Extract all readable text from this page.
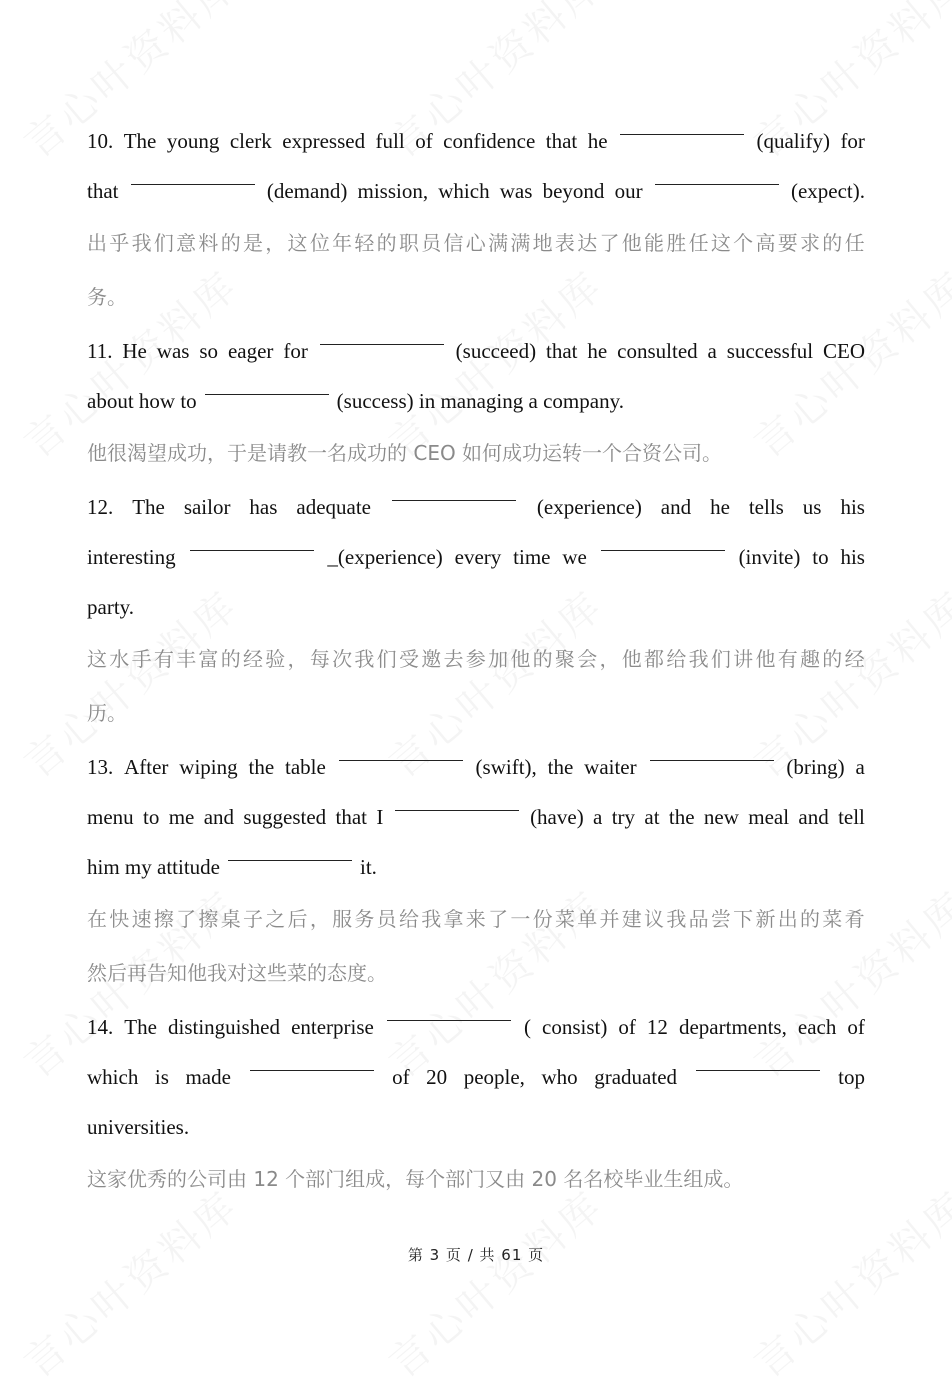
10. The young clerk expressed full of confidence that he	(qualify) for
that	(demand) mission, which was beyond our	(expect).
出 乎 我 们 意 料 的 是 ， 这 位 年 轻 的 职 员 信 心 满 满 地 表 达 了 他 能 胜 任 这 个 高 要 求 的 任
务。
11. He was so eager for	(succeed) that he consulted a successful CEO
about how to	(success) in managing a company.
他很渴望成功，于是请教一名成功的 CEO 如何成功运转一个合资公司。
12. The sailor has adequate	(experience) and he tells us his
interesting	_(experience) every time we	(invite) to his
party.
这 水 手 有 丰 富 的 经 验 ， 每 次 我 们 受 邀 去 参 加 他 的 聚 会 ， 他 都 给 我 们 讲 他 有 趣 的 经
历。
13. After wiping the table	(swift), the waiter	(bring) a
menu to me and suggested that I	(have) a try at the new meal and tell
him my attitude	it.
在 快 速 擦 了 擦 桌 子 之 后 ， 服 务 员 给 我 拿 来 了 一 份 菜 单 并 建 议 我 品 尝 下 新 出 的 菜 肴
然后再告知他我对这些菜的态度。
14. The distinguished enterprise	( consist) of 12 departments, each of
which is made	of 20 people, who graduated	top
universities.
这家优秀的公司由 12 个部门组成，每个部门又由 20 名名校毕业生组成。
第 3 页 / 共 61 页
